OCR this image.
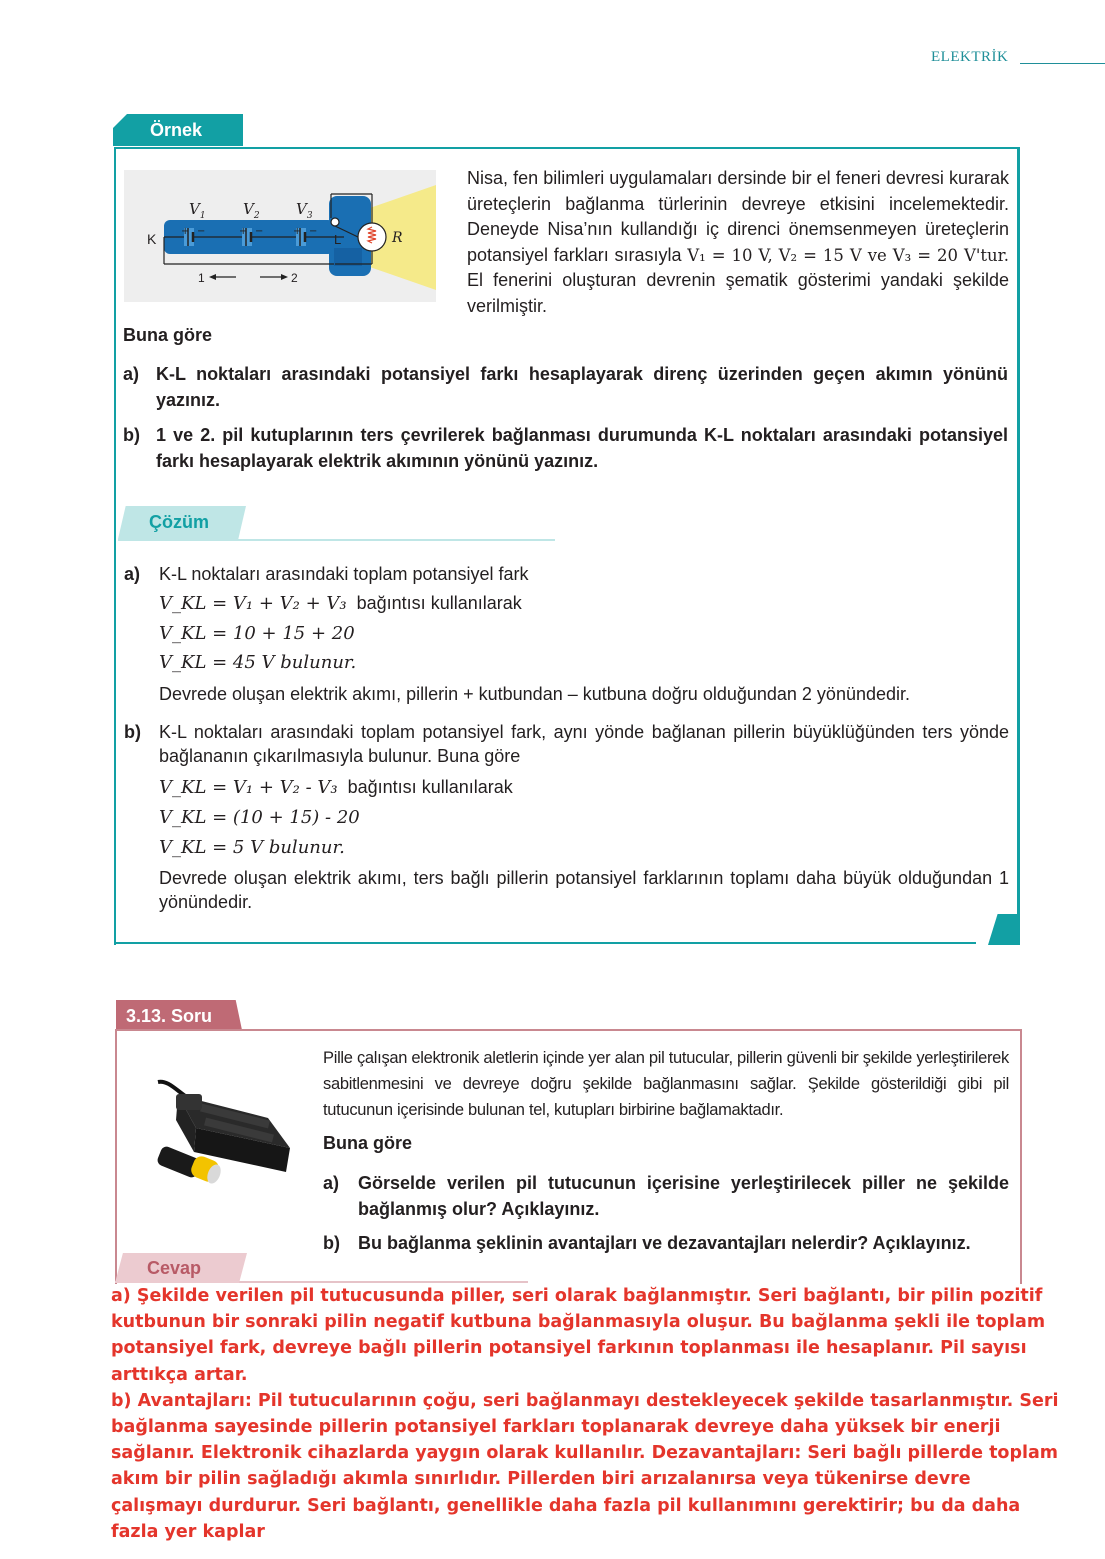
ELEKTRİK
Örnek
+ −	+ −	+ −
$V_1$ $V_2$ $V_3$
K	L	R
1	2
Nisa, fen bilimleri uygulamaları dersinde bir el feneri devresi kurarak üreteçlerin bağlanma türlerinin devreye etkisini incelemektedir. Deneyde Nisa’nın kullandığı iç direnci önemsenmeyen üreteçlerin potansiyel farkları sırasıyla V₁ = 10 V, V₂ = 15 V ve V₃ = 20 V'tur. El fenerini oluşturan devrenin şematik gösterimi yandaki şekilde verilmiştir.
Buna göre
a) K-L noktaları arasındaki potansiyel farkı hesaplayarak direnç üzerinden geçen akımın yönünü yazınız.
b) 1 ve 2. pil kutuplarının ters çevrilerek bağlanması durumunda K-L noktaları arasındaki potansiyel farkı hesaplayarak elektrik akımının yönünü yazınız.
Çözüm
a) K-L noktaları arasındaki toplam potansiyel fark
V_KL = V₁ + V₂ + V₃ bağıntısı kullanılarak
V_KL = 10 + 15 + 20
V_KL = 45 V bulunur.
Devrede oluşan elektrik akımı, pillerin + kutbundan – kutbuna doğru olduğundan 2 yönündedir.
b) K-L noktaları arasındaki toplam potansiyel fark, aynı yönde bağlanan pillerin büyüklüğünden ters yönde bağlananın çıkarılmasıyla bulunur. Buna göre
V_KL = V₁ + V₂ - V₃ bağıntısı kullanılarak
V_KL = (10 + 15) - 20
V_KL = 5 V bulunur.
Devrede oluşan elektrik akımı, ters bağlı pillerin potansiyel farklarının toplamı daha büyük olduğundan 1 yönündedir.
3.13. Soru
Pille çalışan elektronik aletlerin içinde yer alan pil tutucular, pillerin güvenli bir şekilde yerleştirilerek sabitlenmesini ve devreye doğru şekilde bağlanmasını sağlar. Şekilde gösterildiği gibi pil tutucunun içerisinde bulunan tel, kutupları birbirine bağlamaktadır.
Buna göre
a) Görselde verilen pil tutucunun içerisine yerleştirilecek piller ne şekilde bağlanmış olur? Açıklayınız.
b) Bu bağlanma şeklinin avantajları ve dezavantajları nelerdir? Açıklayınız.
Cevap

a) Şekilde verilen pil tutucusunda piller, seri olarak bağlanmıştır. Seri bağlantı, bir pilin pozitif kutbunun bir sonraki pilin negatif kutbuna bağlanmasıyla oluşur. Bu bağlanma şekli ile toplam potansiyel fark, devreye bağlı pillerin potansiyel farkının toplanması ile hesaplanır. Pil sayısı arttıkça artar.

b) Avantajları: Pil tutucularının çoğu, seri bağlanmayı destekleyecek şekilde tasarlanmıştır. Seri bağlanma sayesinde pillerin potansiyel farkları toplanarak devreye daha yüksek bir enerji sağlanır. Elektronik cihazlarda yaygın olarak kullanılır. Dezavantajları: Seri bağlı pillerde toplam akım bir pilin sağladığı akımla sınırlıdır. Pillerden biri arızalanırsa veya tükenirse devre çalışmayı durdurur. Seri bağlantı, genellikle daha fazla pil kullanımını gerektirir; bu da daha fazla yer kaplar
